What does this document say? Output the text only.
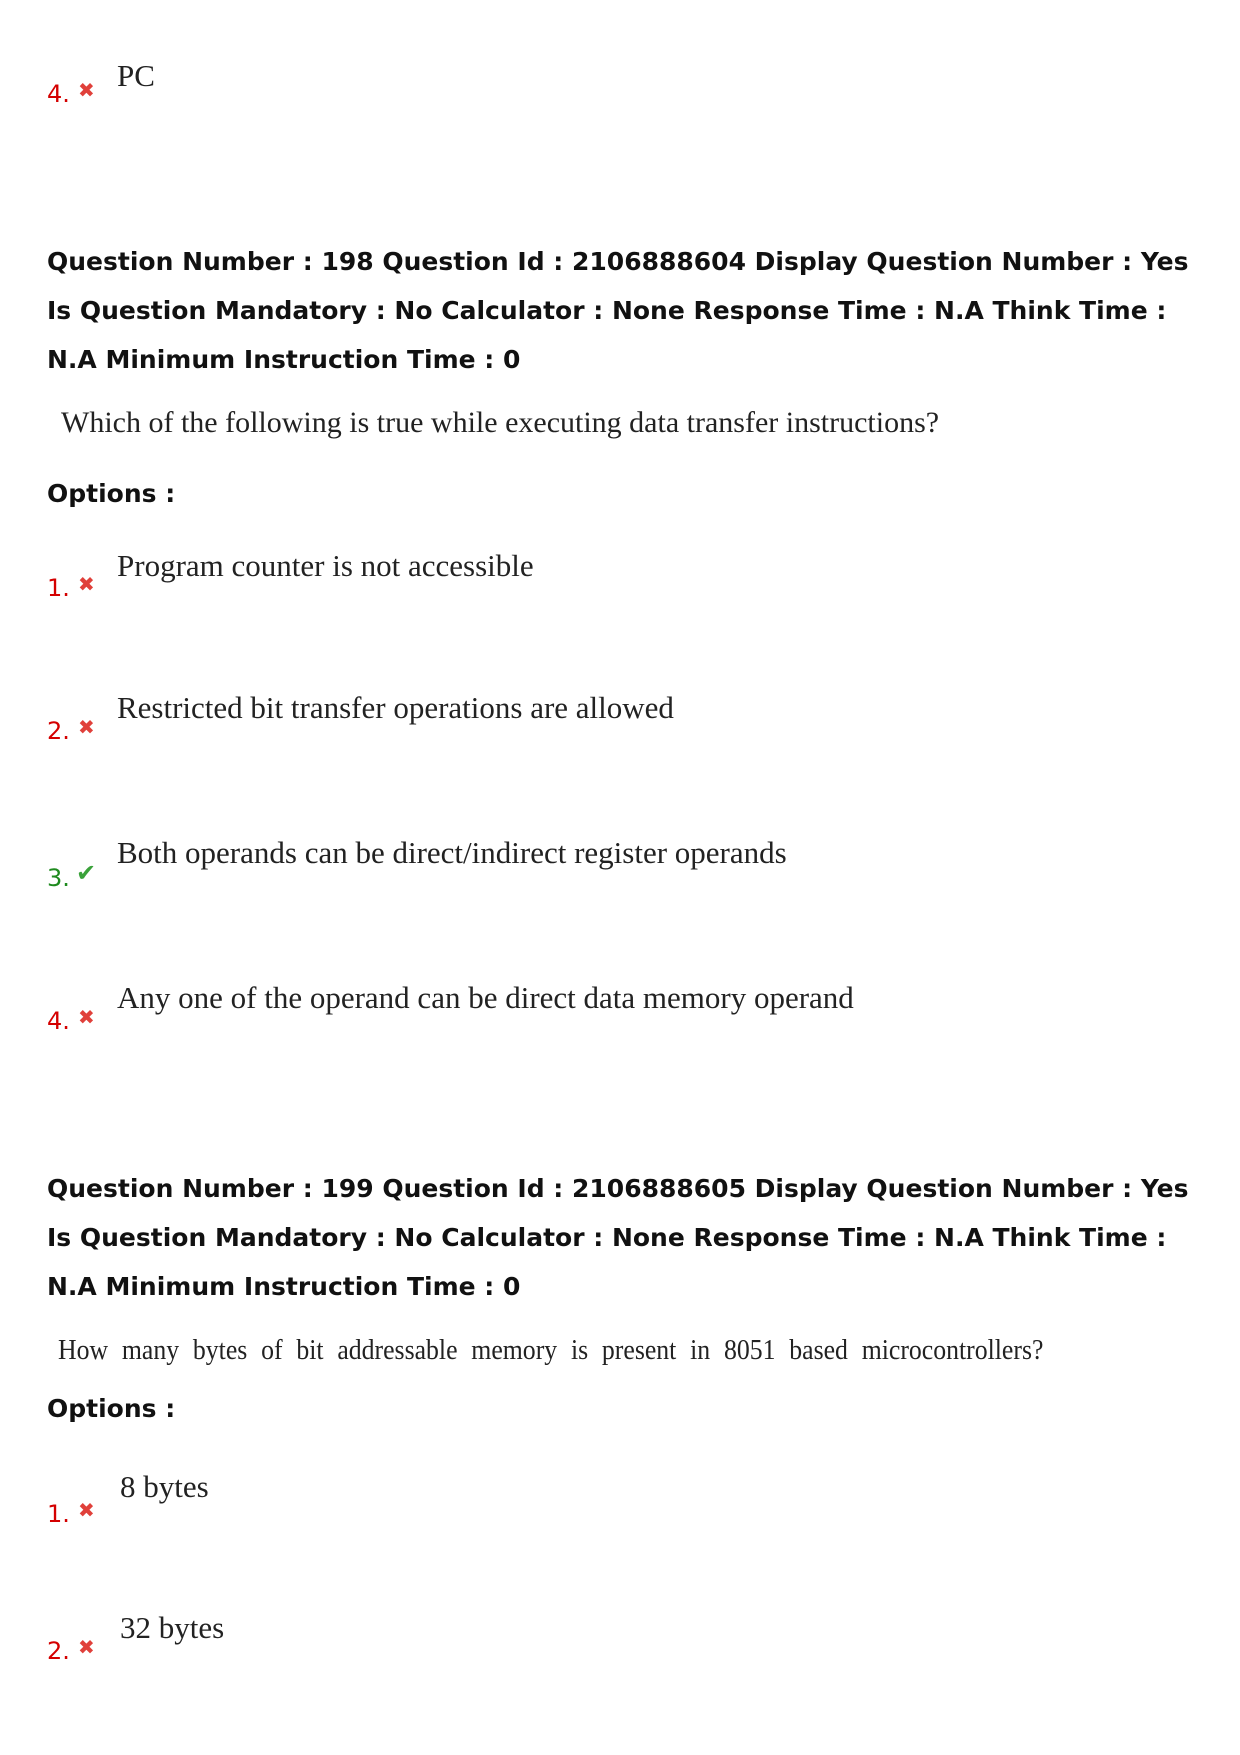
4. ✖ PC
Question Number : 198 Question Id : 2106888604 Display Question Number : Yes Is Question Mandatory : No Calculator : None Response Time : N.A Think Time : N.A Minimum Instruction Time : 0
Which of the following is true while executing data transfer instructions?
Options :
1. ✖
Program counter is not accessible
2. ✖
Restricted bit transfer operations are allowed
3. ✔
Both operands can be direct/indirect register operands
4. ✖
Any one of the operand can be direct data memory operand
Question Number : 199 Question Id : 2106888605 Display Question Number : Yes Is Question Mandatory : No Calculator : None Response Time : N.A Think Time : N.A Minimum Instruction Time : 0
How many bytes of bit addressable memory is present in 8051 based microcontrollers?
Options :
1. ✖
8 bytes
2. ✖
32 bytes
